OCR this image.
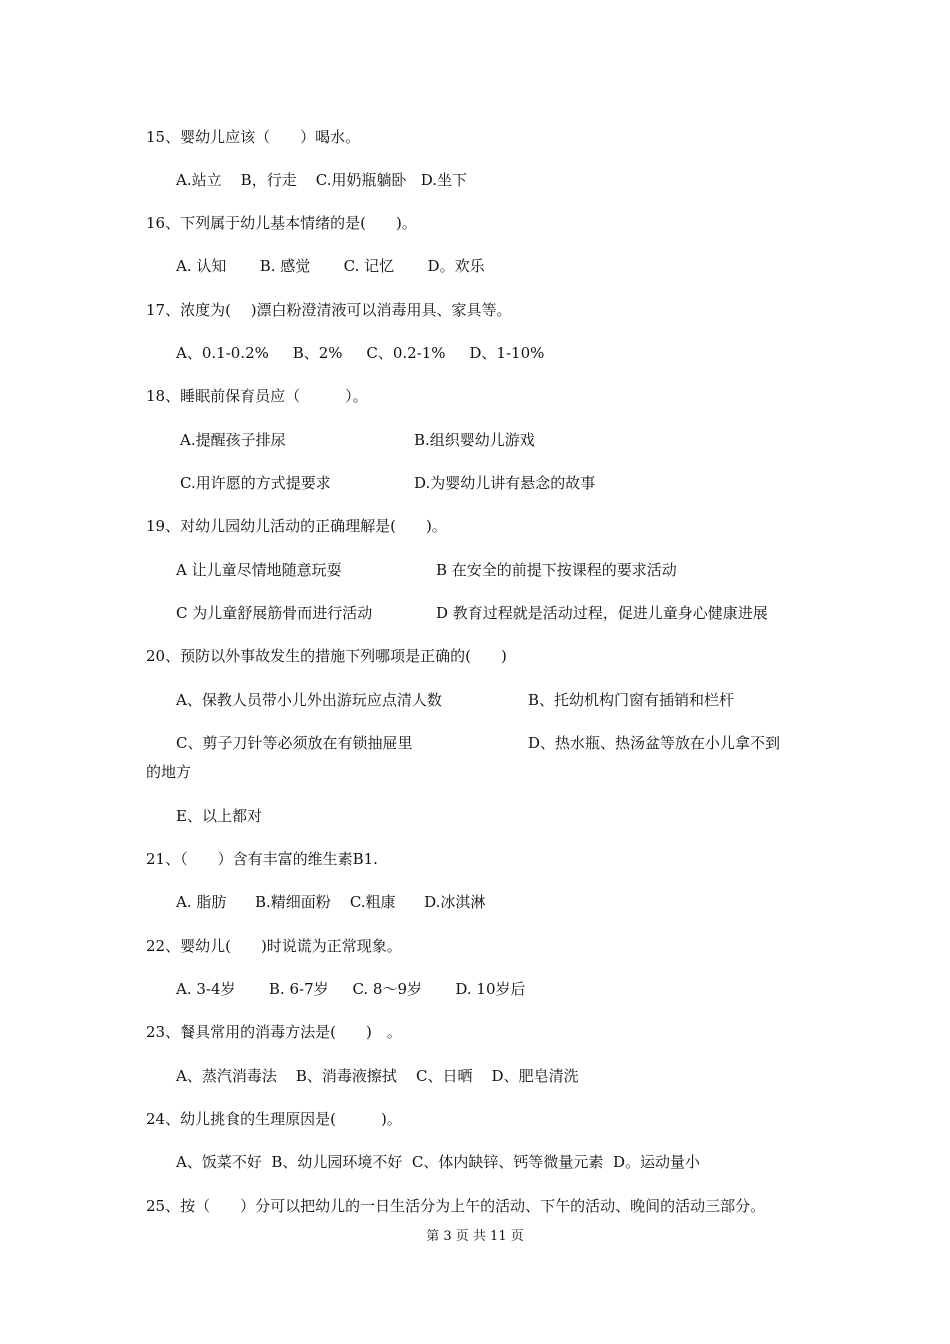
15、婴幼儿应该（　　）喝水。
A.站立    B，行走    C.用奶瓶躺卧   D.坐下
16、下列属于幼儿基本情绪的是(　　)。
A. 认知       B. 感觉       C. 记忆       D。欢乐
17、浓度为(　 )漂白粉澄清液可以消毒用具、家具等。
A、0.1-0.2%     B、2%     C、0.2-1%     D、1-10%
18、睡眠前保育员应（　　　）。
A.提醒孩子排尿	B.组织婴幼儿游戏
C.用许愿的方式提要求	D.为婴幼儿讲有悬念的故事
19、对幼儿园幼儿活动的正确理解是(　　)。
A 让儿童尽情地随意玩耍	B 在安全的前提下按课程的要求活动
C 为儿童舒展筋骨而进行活动	D 教育过程就是活动过程，促进儿童身心健康进展
20、预防以外事故发生的措施下列哪项是正确的(　　)
A、保教人员带小儿外出游玩应点清人数	B、托幼机构门窗有插销和栏杆
C、剪子刀针等必须放在有锁抽屉里	D、热水瓶、热汤盆等放在小儿拿不到
的地方
E、以上都对
21、（　　）含有丰富的维生素B1.
A. 脂肪      B.精细面粉    C.粗康      D.冰淇淋
22、婴幼儿(　　)时说谎为正常现象。
A. 3-4岁       B. 6-7岁     C. 8～9岁       D. 10岁后
23、餐具常用的消毒方法是(　　)　。
A、蒸汽消毒法    B、消毒液擦拭    C、日晒    D、肥皂清洗
24、幼儿挑食的生理原因是(　　　)。
A、饭菜不好  B、幼儿园环境不好  C、体内缺锌、钙等微量元素  D。运动量小
25、按（　　）分可以把幼儿的一日生活分为上午的活动、下午的活动、晚间的活动三部分。
第 3 页 共 11 页
